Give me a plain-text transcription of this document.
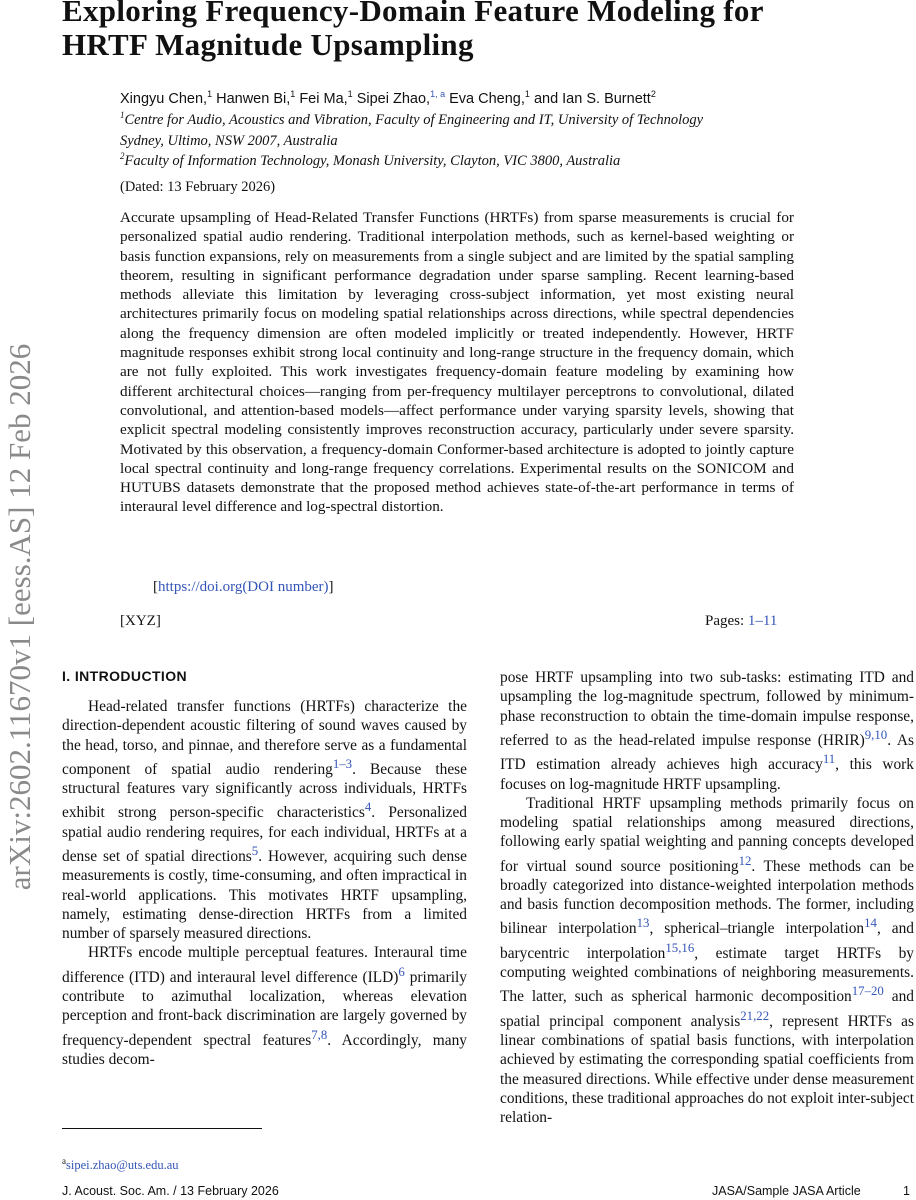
arXiv:2602.11670v1 [eess.AS] 12 Feb 2026
Exploring Frequency-Domain Feature Modeling for
HRTF Magnitude Upsampling
Xingyu Chen,$^1$ Hanwen Bi,$^1$ Fei Ma,$^1$ Sipei Zhao,$^{1, a}$ Eva Cheng,$^1$ and Ian S. Burnett$^2$
$^1$Centre for Audio, Acoustics and Vibration, Faculty of Engineering and IT, University of Technology
Sydney, Ultimo, NSW 2007, Australia
$^2$Faculty of Information Technology, Monash University, Clayton, VIC 3800, Australia
(Dated: 13 February 2026)
Accurate upsampling of Head-Related Transfer Functions (HRTFs) from sparse measurements is crucial for personalized spatial audio rendering. Traditional interpolation methods, such as kernel-based weighting or basis function expansions, rely on measurements from a single subject and are limited by the spatial sampling theorem, resulting in significant performance degradation under sparse sampling. Recent learning-based methods alleviate this limitation by leveraging cross-subject information, yet most existing neural architectures primarily focus on modeling spatial relationships across directions, while spectral dependencies along the frequency dimension are often modeled implicitly or treated independently. However, HRTF magnitude responses exhibit strong local continuity and long-range structure in the frequency domain, which are not fully exploited. This work investigates frequency-domain feature modeling by examining how different architectural choices—ranging from per-frequency multilayer perceptrons to convolutional, dilated convolutional, and attention-based models—affect performance under varying sparsity levels, showing that explicit spectral modeling consistently improves reconstruction accuracy, particularly under severe sparsity. Motivated by this observation, a frequency-domain Conformer-based architecture is adopted to jointly capture local spectral continuity and long-range frequency correlations. Experimental results on the SONICOM and HUTUBS datasets demonstrate that the proposed method achieves state-of-the-art performance in terms of interaural level difference and log-spectral distortion.
[https://doi.org(DOI number)]
[XYZ]	Pages: 1–11
I. INTRODUCTION

Head-related transfer functions (HRTFs) characterize the direction-dependent acoustic filtering of sound waves caused by the head, torso, and pinnae, and therefore serve as a fundamental component of spatial audio rendering$^{1-3}$. Because these structural features vary significantly across individuals, HRTFs exhibit strong person-specific characteristics$^4$. Personalized spatial audio rendering requires, for each individual, HRTFs at a dense set of spatial directions$^5$. However, acquiring such dense measurements is costly, time-consuming, and often impractical in real-world applications. This motivates HRTF upsampling, namely, estimating dense-direction HRTFs from a limited number of sparsely measured directions.

HRTFs encode multiple perceptual features. Interaural time difference (ITD) and interaural level difference (ILD)$^6$ primarily contribute to azimuthal localization, whereas elevation perception and front-back discrimination are largely governed by frequency-dependent spectral features$^{7,8}$. Accordingly, many studies decom-

pose HRTF upsampling into two sub-tasks: estimating ITD and upsampling the log-magnitude spectrum, followed by minimum-phase reconstruction to obtain the time-domain impulse response, referred to as the head-related impulse response (HRIR)$^{9,10}$. As ITD estimation already achieves high accuracy$^{11}$, this work focuses on log-magnitude HRTF upsampling.

Traditional HRTF upsampling methods primarily focus on modeling spatial relationships among measured directions, following early spatial weighting and panning concepts developed for virtual sound source positioning$^{12}$. These methods can be broadly categorized into distance-weighted interpolation methods and basis function decomposition methods. The former, including bilinear interpolation$^{13}$, spherical–triangle interpolation$^{14}$, and barycentric interpolation$^{15,16}$, estimate target HRTFs by computing weighted combinations of neighboring measurements. The latter, such as spherical harmonic decomposition$^{17-20}$ and spatial principal component analysis$^{21,22}$, represent HRTFs as linear combinations of spatial basis functions, with interpolation achieved by estimating the corresponding spatial coefficients from the measured directions. While effective under dense measurement conditions, these traditional approaches do not exploit inter-subject relation-

$^a$sipei.zhao@uts.edu.au
J. Acoust. Soc. Am. / 13 February 2026	JASA/Sample JASA Article	1
